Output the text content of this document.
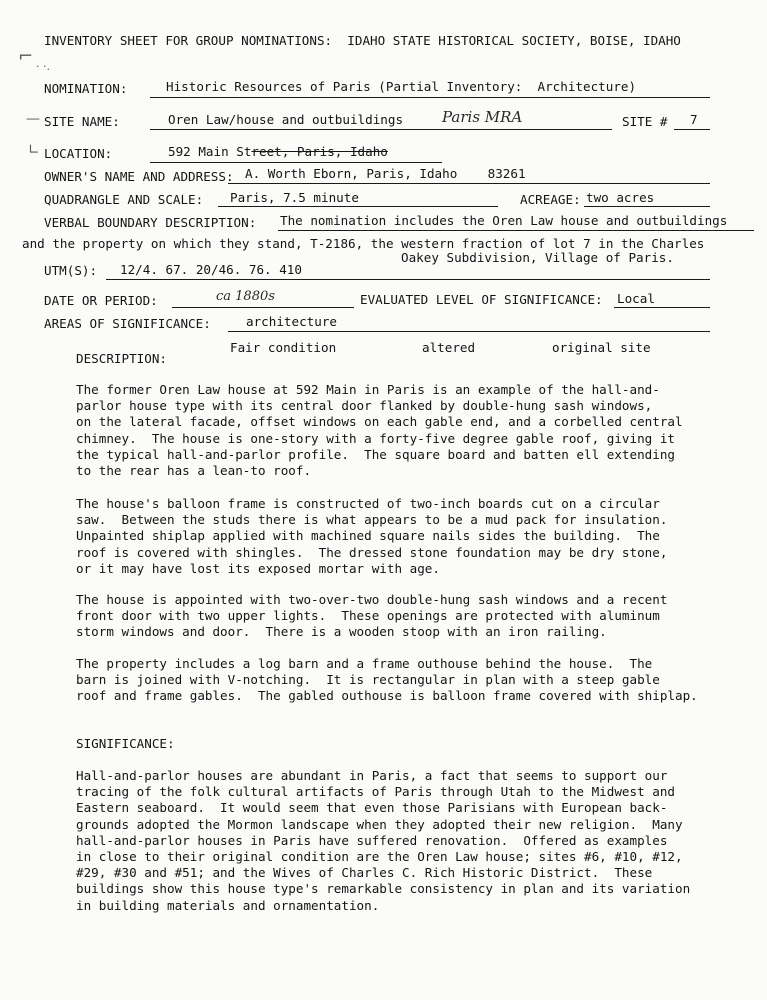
INVENTORY SHEET FOR GROUP NOMINATIONS:  IDAHO STATE HISTORICAL SOCIETY, BOISE, IDAHO
⌐ · ·.
NOMINATION:	Historic Resources of Paris (Partial Inventory:  Architecture)
— SITE NAME:	Oren Law/house and outbuildings	Paris MRA	SITE # 7
∟ LOCATION:	592 Main Street, Paris, Idaho
OWNER'S NAME AND ADDRESS: A. Worth Eborn, Paris, Idaho    83261
QUADRANGLE AND SCALE: Paris, 7.5 minute	ACREAGE: two acres
VERBAL BOUNDARY DESCRIPTION: The nomination includes the Oren Law house and outbuildings
and the property on which they stand, T-2186, the western fraction of lot 7 in the Charles
Oakey Subdivision, Village of Paris.
UTM(S): 12/4. 67. 20/46. 76. 410
DATE OR PERIOD:	ca 1880s	EVALUATED LEVEL OF SIGNIFICANCE: Local
AREAS OF SIGNIFICANCE:	architecture
Fair condition	altered	original site
DESCRIPTION:
The former Oren Law house at 592 Main in Paris is an example of the hall-and-
parlor house type with its central door flanked by double-hung sash windows,
on the lateral facade, offset windows on each gable end, and a corbelled central
chimney.  The house is one-story with a forty-five degree gable roof, giving it
the typical hall-and-parlor profile.  The square board and batten ell extending
to the rear has a lean-to roof.
The house's balloon frame is constructed of two-inch boards cut on a circular
saw.  Between the studs there is what appears to be a mud pack for insulation.
Unpainted shiplap applied with machined square nails sides the building.  The
roof is covered with shingles.  The dressed stone foundation may be dry stone,
or it may have lost its exposed mortar with age.
The house is appointed with two-over-two double-hung sash windows and a recent
front door with two upper lights.  These openings are protected with aluminum
storm windows and door.  There is a wooden stoop with an iron railing.
The property includes a log barn and a frame outhouse behind the house.  The
barn is joined with V-notching.  It is rectangular in plan with a steep gable
roof and frame gables.  The gabled outhouse is balloon frame covered with shiplap.
SIGNIFICANCE:
Hall-and-parlor houses are abundant in Paris, a fact that seems to support our
tracing of the folk cultural artifacts of Paris through Utah to the Midwest and
Eastern seaboard.  It would seem that even those Parisians with European back-
grounds adopted the Mormon landscape when they adopted their new religion.  Many
hall-and-parlor houses in Paris have suffered renovation.  Offered as examples
in close to their original condition are the Oren Law house; sites #6, #10, #12,
#29, #30 and #51; and the Wives of Charles C. Rich Historic District.  These
buildings show this house type's remarkable consistency in plan and its variation
in building materials and ornamentation.
